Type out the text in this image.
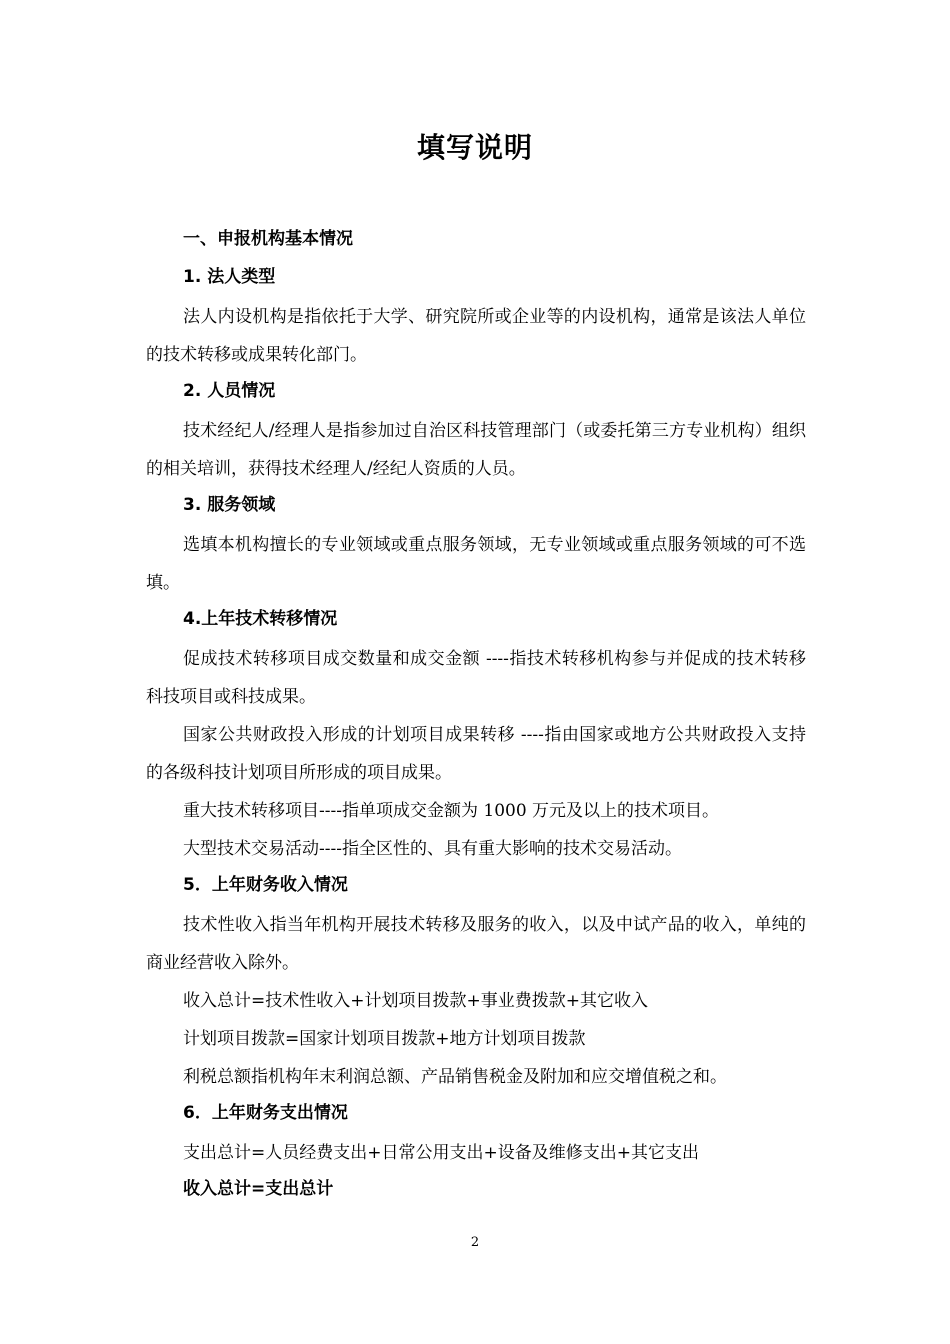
填写说明
一、申报机构基本情况
1. 法人类型

法人内设机构是指依托于大学、研究院所或企业等的内设机构，通常是该法人单位的技术转移或成果转化部门。

2. 人员情况

技术经纪人/经理人是指参加过自治区科技管理部门（或委托第三方专业机构）组织的相关培训，获得技术经理人/经纪人资质的人员。

3. 服务领域

选填本机构擅长的专业领域或重点服务领域，无专业领域或重点服务领域的可不选填。

4.上年技术转移情况

促成技术转移项目成交数量和成交金额 ----指技术转移机构参与并促成的技术转移科技项目或科技成果。

国家公共财政投入形成的计划项目成果转移 ----指由国家或地方公共财政投入支持的各级科技计划项目所形成的项目成果。

重大技术转移项目----指单项成交金额为 1000 万元及以上的技术项目。

大型技术交易活动----指全区性的、具有重大影响的技术交易活动。

5．上年财务收入情况

技术性收入指当年机构开展技术转移及服务的收入，以及中试产品的收入，单纯的商业经营收入除外。

收入总计=技术性收入+计划项目拨款+事业费拨款+其它收入

计划项目拨款=国家计划项目拨款+地方计划项目拨款

利税总额指机构年末利润总额、产品销售税金及附加和应交增值税之和。

6．上年财务支出情况

支出总计=人员经费支出+日常公用支出+设备及维修支出+其它支出

收入总计=支出总计
2
